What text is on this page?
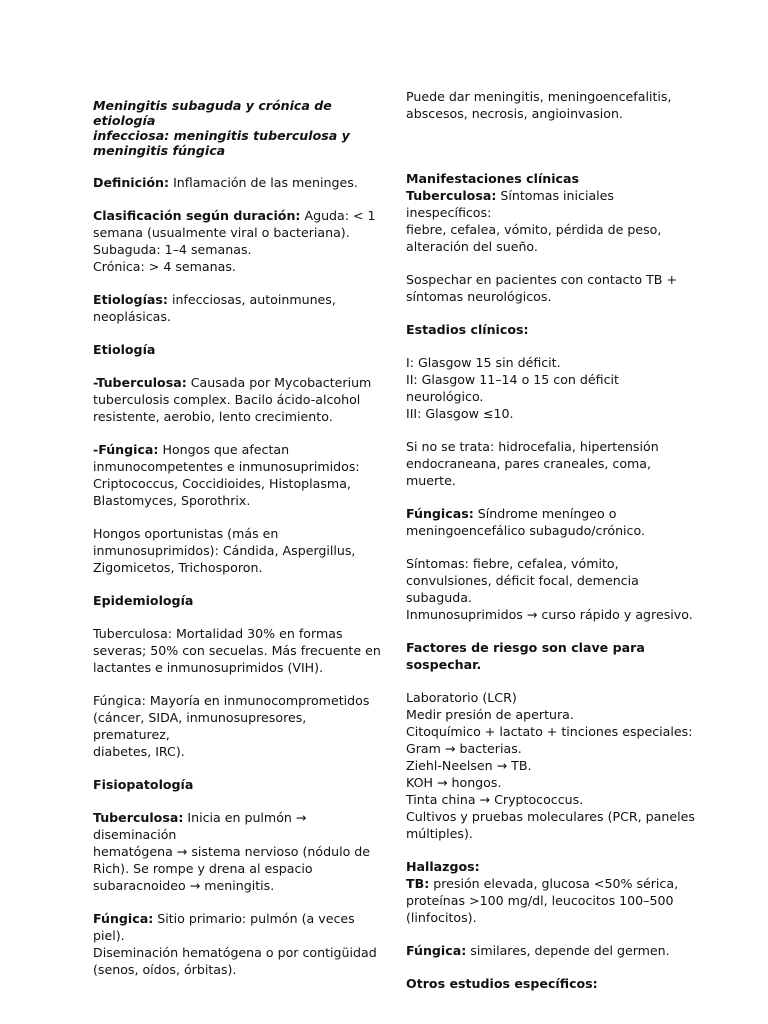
Meningitis subaguda y crónica de etiología
infecciosa: meningitis tuberculosa y
meningitis fúngica

Definición: Inflamación de las meninges.

Clasificación según duración: Aguda: < 1
semana (usualmente viral o bacteriana).
Subaguda: 1–4 semanas.
Crónica: > 4 semanas.

Etiologías: infecciosas, autoinmunes,
neoplásicas.

Etiología

-Tuberculosa: Causada por Mycobacterium
tuberculosis complex. Bacilo ácido-alcohol
resistente, aerobio, lento crecimiento.

-Fúngica: Hongos que afectan
inmunocompetentes e inmunosuprimidos:
Criptococcus, Coccidioides, Histoplasma,
Blastomyces, Sporothrix.

Hongos oportunistas (más en
inmunosuprimidos): Cándida, Aspergillus,
Zigomicetos, Trichosporon.

Epidemiología

Tuberculosa: Mortalidad 30% en formas
severas; 50% con secuelas. Más frecuente en
lactantes e inmunosuprimidos (VIH).

Fúngica: Mayoría en inmunocomprometidos
(cáncer, SIDA, inmunosupresores, prematurez,
diabetes, IRC).

Fisiopatología

Tuberculosa: Inicia en pulmón → diseminación
hematógena → sistema nervioso (nódulo de
Rich). Se rompe y drena al espacio
subaracnoideo → meningitis.

Fúngica: Sitio primario: pulmón (a veces piel).
Diseminación hematógena o por contigüidad
(senos, oídos, órbitas).

Puede dar meningitis, meningoencefalitis,
abscesos, necrosis, angioinvasion.

Manifestaciones clínicas

Tuberculosa: Síntomas iniciales inespecíficos:
fiebre, cefalea, vómito, pérdida de peso,
alteración del sueño.

Sospechar en pacientes con contacto TB +
síntomas neurológicos.

Estadios clínicos:

I: Glasgow 15 sin déficit.
II: Glasgow 11–14 o 15 con déficit neurológico.
III: Glasgow ≤10.

Si no se trata: hidrocefalia, hipertensión
endocraneana, pares craneales, coma,
muerte.

Fúngicas: Síndrome meníngeo o
meningoencefálico subagudo/crónico.

Síntomas: fiebre, cefalea, vómito,
convulsiones, déficit focal, demencia
subaguda.
Inmunosuprimidos → curso rápido y agresivo.

Factores de riesgo son clave para sospechar.

Laboratorio (LCR)
Medir presión de apertura.
Citoquímico + lactato + tinciones especiales:
Gram → bacterias.
Ziehl-Neelsen → TB.
KOH → hongos.
Tinta china → Cryptococcus.
Cultivos y pruebas moleculares (PCR, paneles
múltiples).

Hallazgos:

TB: presión elevada, glucosa <50% sérica,
proteínas >100 mg/dl, leucocitos 100–500
(linfocitos).

Fúngica: similares, depende del germen.

Otros estudios específicos:
